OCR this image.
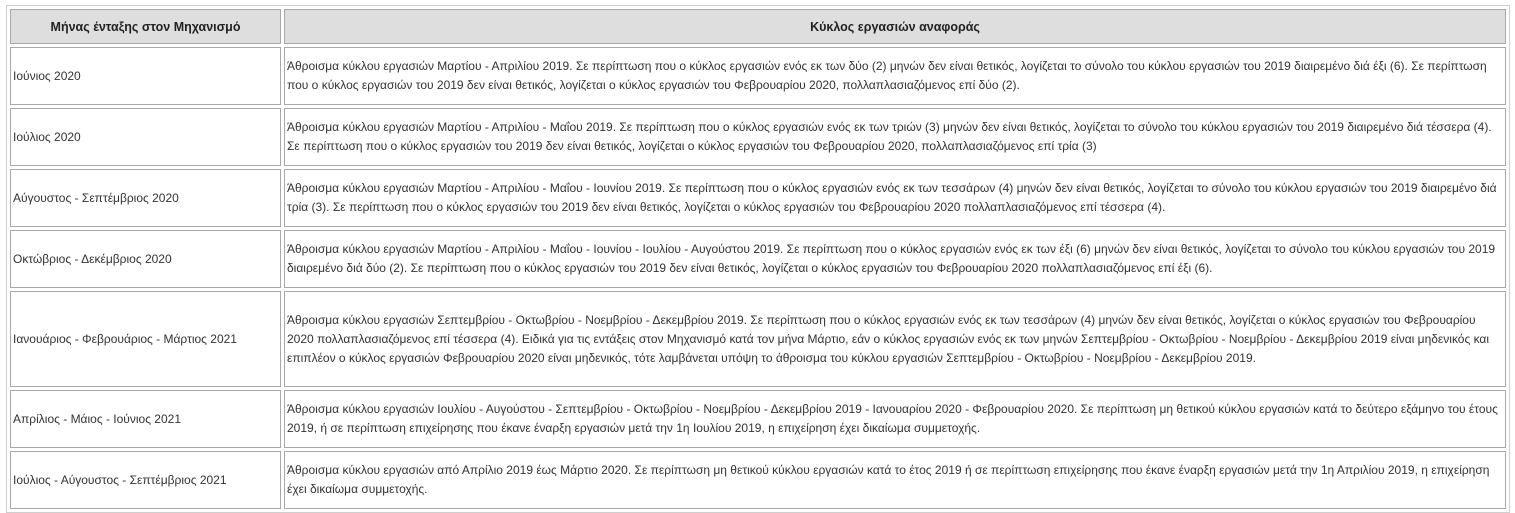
Μήνας ένταξης στον Μηχανισμό	Κύκλος εργασιών αναφοράς
Ιούνιος 2020	Άθροισμα κύκλου εργασιών Μαρτίου - Απριλίου 2019. Σε περίπτωση που ο κύκλος εργασιών ενός εκ των δύο (2) μηνών δεν είναι θετικός, λογίζεται το σύνολο του κύκλου εργασιών του 2019 διαιρεμένο διά έξι (6). Σε περίπτωση που ο κύκλος εργασιών του 2019 δεν είναι θετικός, λογίζεται ο κύκλος εργασιών του Φεβρουαρίου 2020, πολλαπλασιαζόμενος επί δύο (2).
Ιούλιος 2020	Άθροισμα κύκλου εργασιών Μαρτίου - Απριλίου - Μαΐου 2019. Σε περίπτωση που ο κύκλος εργασιών ενός εκ των τριών (3) μηνών δεν είναι θετικός, λογίζεται το σύνολο του κύκλου εργασιών του 2019 διαιρεμένο διά τέσσερα (4). Σε περίπτωση που ο κύκλος εργασιών του 2019 δεν είναι θετικός, λογίζεται ο κύκλος εργασιών του Φεβρουαρίου 2020, πολλαπλασιαζόμενος επί τρία (3)
Αύγουστος - Σεπτέμβριος 2020	Άθροισμα κύκλου εργασιών Μαρτίου - Απριλίου - Μαΐου - Ιουνίου 2019. Σε περίπτωση που ο κύκλος εργασιών ενός εκ των τεσσάρων (4) μηνών δεν είναι θετικός, λογίζεται το σύνολο του κύκλου εργασιών του 2019 διαιρεμένο διά τρία (3). Σε περίπτωση που ο κύκλος εργασιών του 2019 δεν είναι θετικός, λογίζεται ο κύκλος εργασιών του Φεβρουαρίου 2020 πολλαπλασιαζόμενος επί τέσσερα (4).
Οκτώβριος - Δεκέμβριος 2020	Άθροισμα κύκλου εργασιών Μαρτίου - Απριλίου - Μαΐου - Ιουνίου - Ιουλίου - Αυγούστου 2019. Σε περίπτωση που ο κύκλος εργασιών ενός εκ των έξι (6) μηνών δεν είναι θετικός, λογίζεται το σύνολο του κύκλου εργασιών του 2019 διαιρεμένο διά δύο (2). Σε περίπτωση που ο κύκλος εργασιών του 2019 δεν είναι θετικός, λογίζεται ο κύκλος εργασιών του Φεβρουαρίου 2020 πολλαπλασιαζόμενος επί έξι (6).
Ιανουάριος - Φεβρουάριος - Μάρτιος 2021	Άθροισμα κύκλου εργασιών Σεπτεμβρίου - Οκτωβρίου - Νοεμβρίου - Δεκεμβρίου 2019. Σε περίπτωση που ο κύκλος εργασιών ενός εκ των τεσσάρων (4) μηνών δεν είναι θετικός, λογίζεται ο κύκλος εργασιών του Φεβρουαρίου 2020 πολλαπλασιαζόμενος επί τέσσερα (4). Ειδικά για τις εντάξεις στον Μηχανισμό κατά τον μήνα Μάρτιο, εάν ο κύκλος εργασιών ενός εκ των μηνών Σεπτεμβρίου - Οκτωβρίου - Νοεμβρίου - Δεκεμβρίου 2019 είναι μηδενικός και επιπλέον ο κύκλος εργασιών Φεβρουαρίου 2020 είναι μηδενικός, τότε λαμβάνεται υπόψη το άθροισμα του κύκλου εργασιών Σεπτεμβρίου - Οκτωβρίου - Νοεμβρίου - Δεκεμβρίου 2019.
Απρίλιος - Μάιος - Ιούνιος 2021	Άθροισμα κύκλου εργασιών Ιουλίου - Αυγούστου - Σεπτεμβρίου - Οκτωβρίου - Νοεμβρίου - Δεκεμβρίου 2019 - Ιανουαρίου 2020 - Φεβρουαρίου 2020. Σε περίπτωση μη θετικού κύκλου εργασιών κατά το δεύτερο εξάμηνο του έτους 2019, ή σε περίπτωση επιχείρησης που έκανε έναρξη εργασιών μετά την 1η Ιουλίου 2019, η επιχείρηση έχει δικαίωμα συμμετοχής.
Ιούλιος - Αύγουστος - Σεπτέμβριος 2021	Άθροισμα κύκλου εργασιών από Απρίλιο 2019 έως Μάρτιο 2020. Σε περίπτωση μη θετικού κύκλου εργασιών κατά το έτος 2019 ή σε περίπτωση επιχείρησης που έκανε έναρξη εργασιών μετά την 1η Απριλίου 2019, η επιχείρηση έχει δικαίωμα συμμετοχής.
